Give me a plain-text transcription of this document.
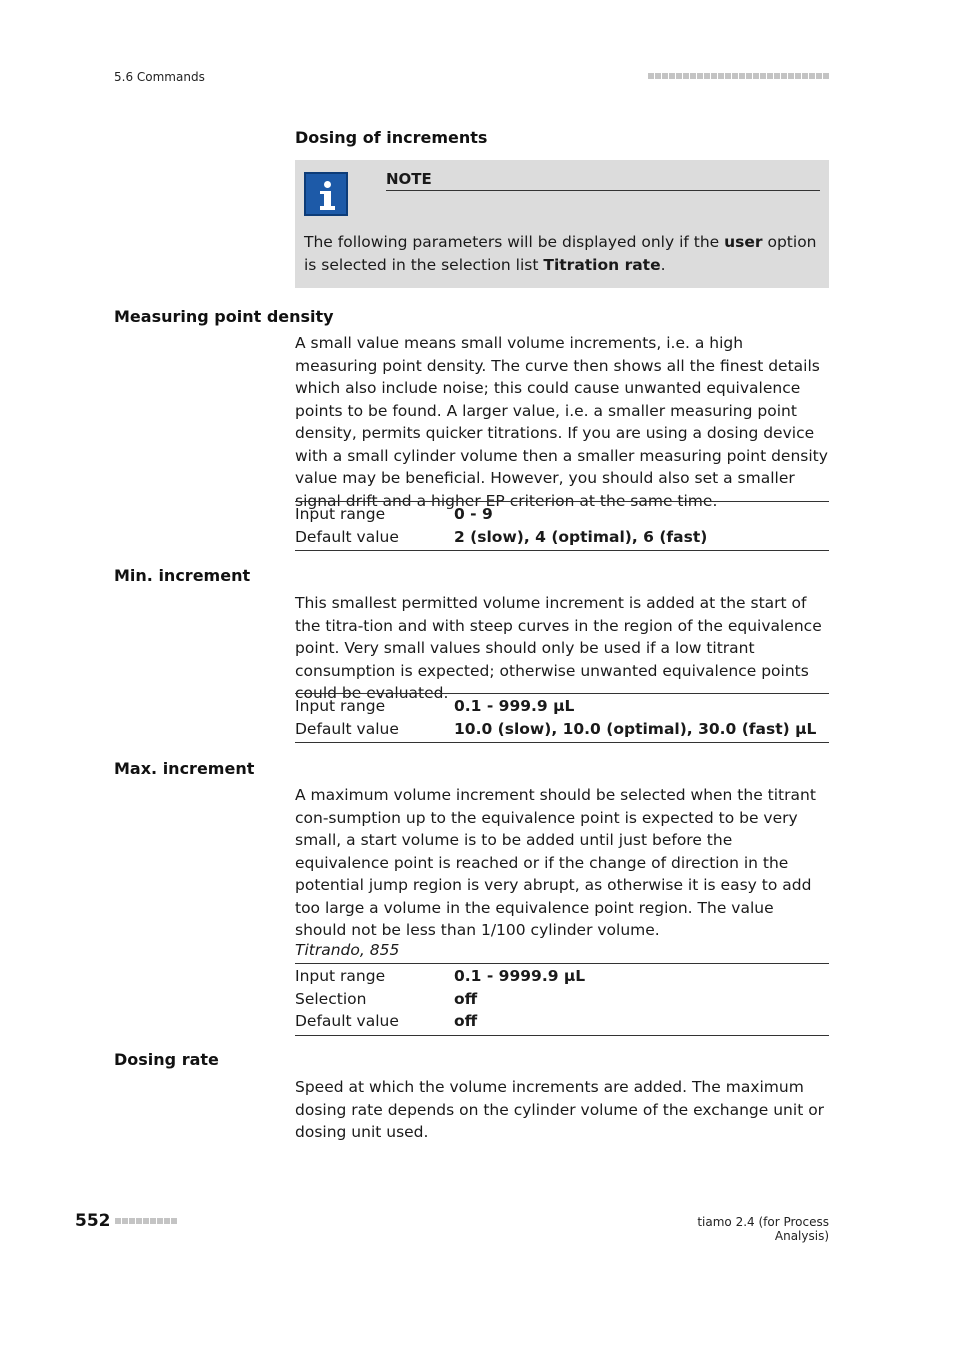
5.6 Commands
Dosing of increments
NOTE
The following parameters will be displayed only if the user option is selected in the selection list Titration rate.
Measuring point density
A small value means small volume increments, i.e. a high measuring point density. The curve then shows all the finest details which also include noise; this could cause unwanted equivalence points to be found. A larger value, i.e. a smaller measuring point density, permits quicker titrations. If you are using a dosing device with a small cylinder volume then a smaller measuring point density value may be beneficial. However, you should also set a smaller signal drift and a higher EP criterion at the same time.
Input range	0 - 9
Default value	2 (slow), 4 (optimal), 6 (fast)
Min. increment
This smallest permitted volume increment is added at the start of the titra-tion and with steep curves in the region of the equivalence point. Very small values should only be used if a low titrant consumption is expected; otherwise unwanted equivalence points could be evaluated.
Input range	0.1 - 999.9 µL
Default value	10.0 (slow), 10.0 (optimal), 30.0 (fast) µL
Max. increment
A maximum volume increment should be selected when the titrant con-sumption up to the equivalence point is expected to be very small, a start volume is to be added until just before the equivalence point is reached or if the change of direction in the potential jump region is very abrupt, as otherwise it is easy to add too large a volume in the equivalence point region. The value should not be less than 1/100 cylinder volume.
Titrando, 855
Input range	0.1 - 9999.9 µL
Selection	off
Default value	off
Dosing rate
Speed at which the volume increments are added. The maximum dosing rate depends on the cylinder volume of the exchange unit or dosing unit used.
552	tiamo 2.4 (for Process Analysis)
